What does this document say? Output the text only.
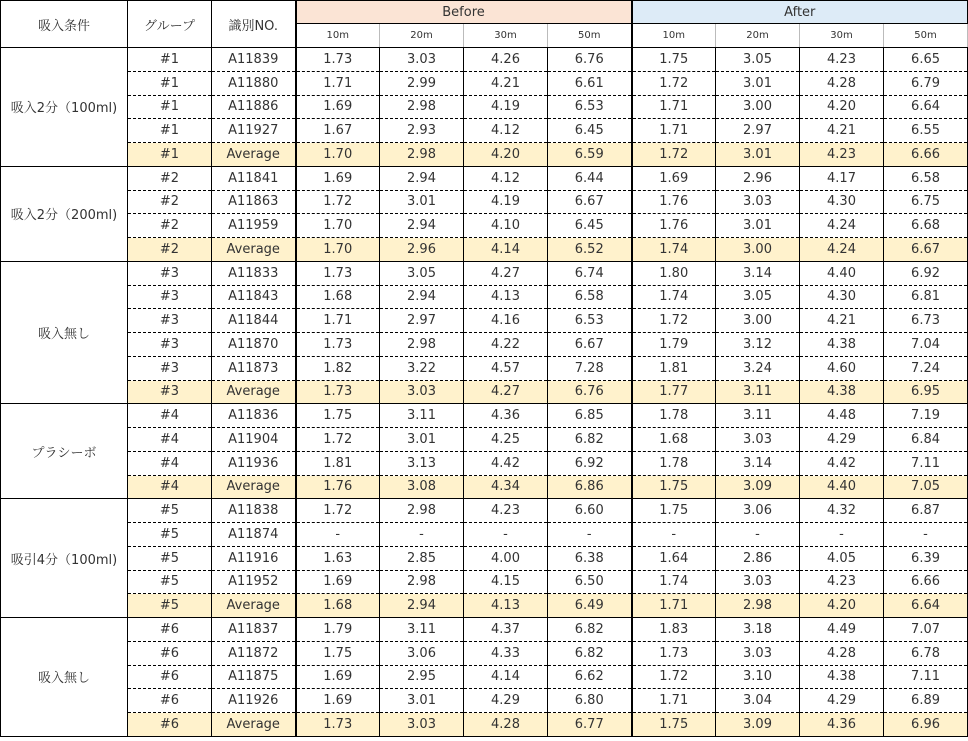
吸入条件	グループ	識別NO.	Before				After			
			10m	20m	30m	50m	10m	20m	30m	50m
吸入2分（100ml)	#1	A11839	1.73	3.03	4.26	6.76	1.75	3.05	4.23	6.65
	#1	A11880	1.71	2.99	4.21	6.61	1.72	3.01	4.28	6.79
	#1	A11886	1.69	2.98	4.19	6.53	1.71	3.00	4.20	6.64
	#1	A11927	1.67	2.93	4.12	6.45	1.71	2.97	4.21	6.55
	#1	Average	1.70	2.98	4.20	6.59	1.72	3.01	4.23	6.66
吸入2分（200ml)	#2	A11841	1.69	2.94	4.12	6.44	1.69	2.96	4.17	6.58
	#2	A11863	1.72	3.01	4.19	6.67	1.76	3.03	4.30	6.75
	#2	A11959	1.70	2.94	4.10	6.45	1.76	3.01	4.24	6.68
	#2	Average	1.70	2.96	4.14	6.52	1.74	3.00	4.24	6.67
吸入無し	#3	A11833	1.73	3.05	4.27	6.74	1.80	3.14	4.40	6.92
	#3	A11843	1.68	2.94	4.13	6.58	1.74	3.05	4.30	6.81
	#3	A11844	1.71	2.97	4.16	6.53	1.72	3.00	4.21	6.73
	#3	A11870	1.73	2.98	4.22	6.67	1.79	3.12	4.38	7.04
	#3	A11873	1.82	3.22	4.57	7.28	1.81	3.24	4.60	7.24
	#3	Average	1.73	3.03	4.27	6.76	1.77	3.11	4.38	6.95
プラシーボ	#4	A11836	1.75	3.11	4.36	6.85	1.78	3.11	4.48	7.19
	#4	A11904	1.72	3.01	4.25	6.82	1.68	3.03	4.29	6.84
	#4	A11936	1.81	3.13	4.42	6.92	1.78	3.14	4.42	7.11
	#4	Average	1.76	3.08	4.34	6.86	1.75	3.09	4.40	7.05
吸引4分（100ml)	#5	A11838	1.72	2.98	4.23	6.60	1.75	3.06	4.32	6.87
	#5	A11874	-	-	-	-	-	-	-	-
	#5	A11916	1.63	2.85	4.00	6.38	1.64	2.86	4.05	6.39
	#5	A11952	1.69	2.98	4.15	6.50	1.74	3.03	4.23	6.66
	#5	Average	1.68	2.94	4.13	6.49	1.71	2.98	4.20	6.64
吸入無し	#6	A11837	1.79	3.11	4.37	6.82	1.83	3.18	4.49	7.07
	#6	A11872	1.75	3.06	4.33	6.82	1.73	3.03	4.28	6.78
	#6	A11875	1.69	2.95	4.14	6.62	1.72	3.10	4.38	7.11
	#6	A11926	1.69	3.01	4.29	6.80	1.71	3.04	4.29	6.89
	#6	Average	1.73	3.03	4.28	6.77	1.75	3.09	4.36	6.96
